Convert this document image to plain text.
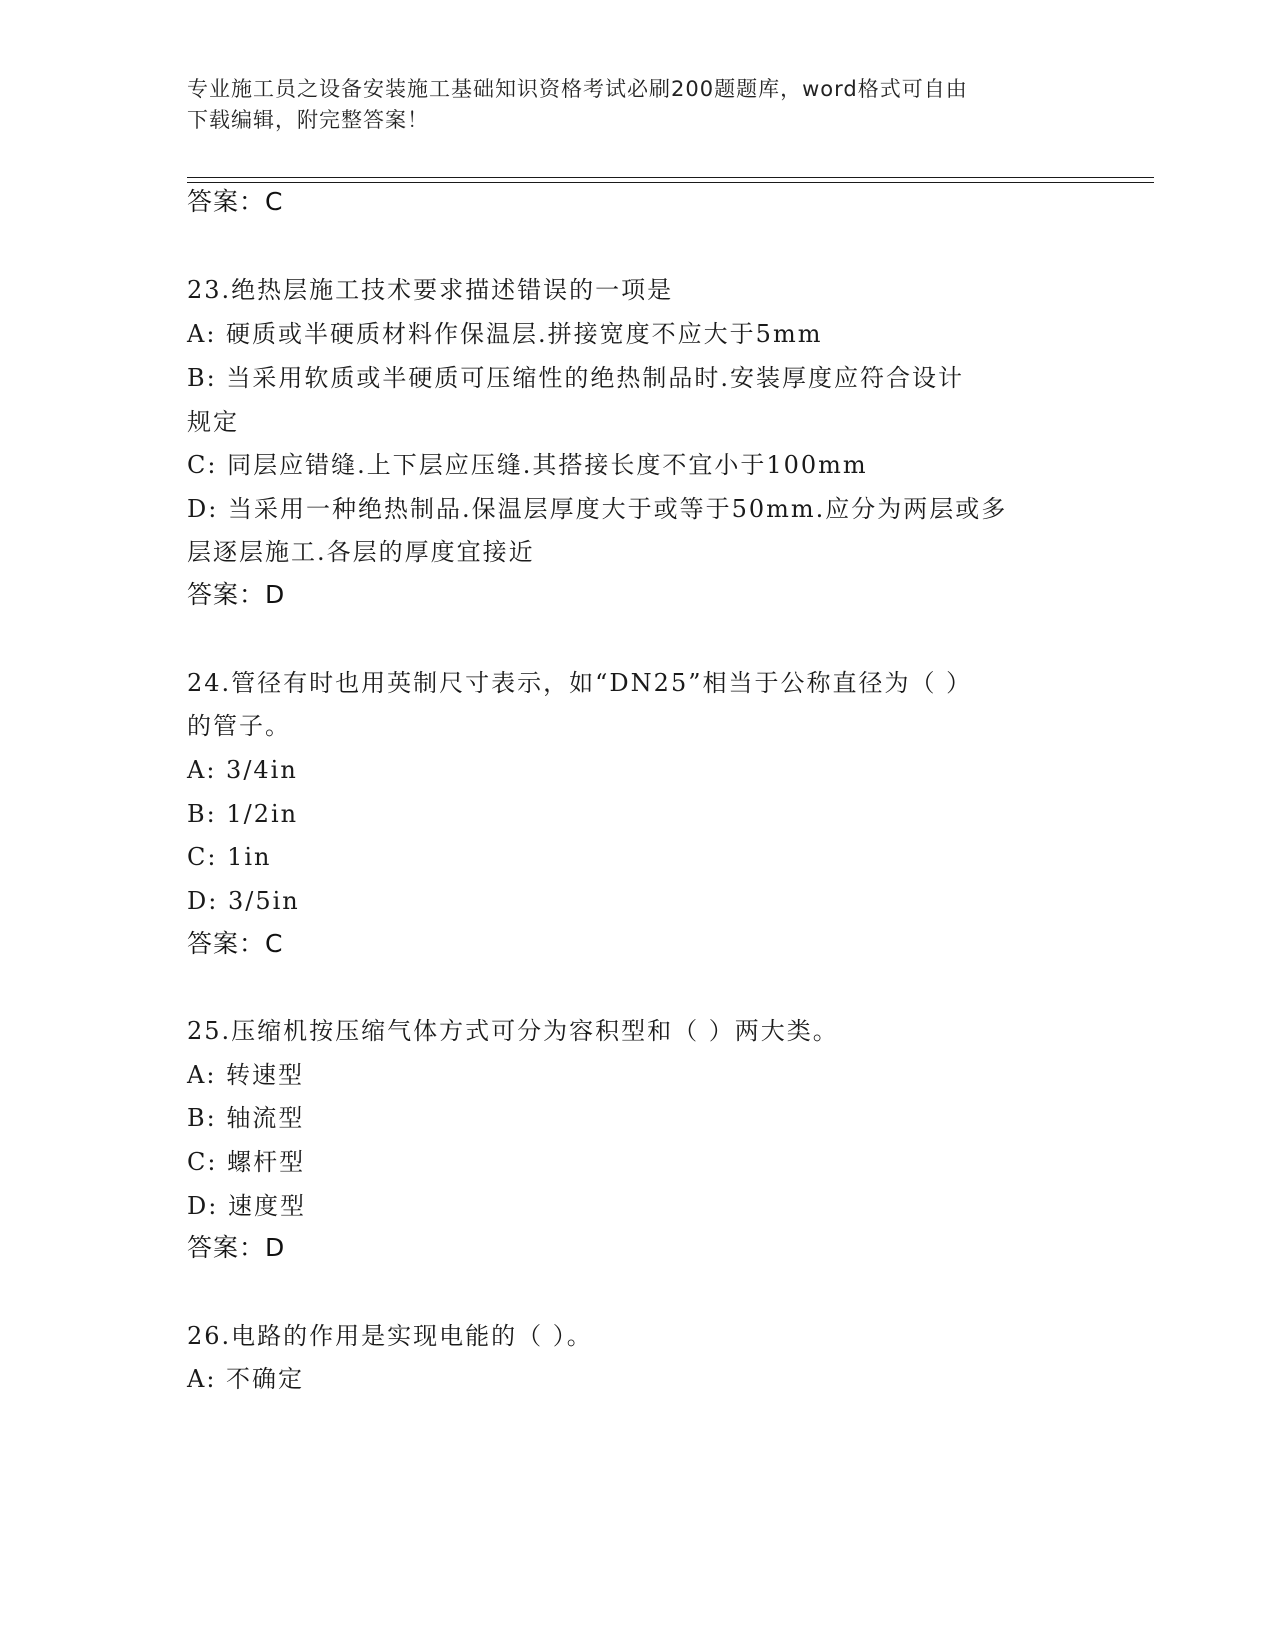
专业施工员之设备安装施工基础知识资格考试必刷200题题库，word格式可自由
下载编辑，附完整答案！

答案：C

23.绝热层施工技术要求描述错误的一项是

A: 硬质或半硬质材料作保温层.拼接宽度不应大于5mm

B: 当采用软质或半硬质可压缩性的绝热制品时.安装厚度应符合设计

规定

C: 同层应错缝.上下层应压缝.其搭接长度不宜小于100mm

D: 当采用一种绝热制品.保温层厚度大于或等于50mm.应分为两层或多

层逐层施工.各层的厚度宜接近

答案：D

24.管径有时也用英制尺寸表示，如“DN25”相当于公称直径为（ ）

的管子。

A: 3/4in

B: 1/2in

C: 1in

D: 3/5in

答案：C

25.压缩机按压缩气体方式可分为容积型和（ ）两大类。

A: 转速型

B: 轴流型

C: 螺杆型

D: 速度型

答案：D

26.电路的作用是实现电能的（ ）。

A: 不确定
